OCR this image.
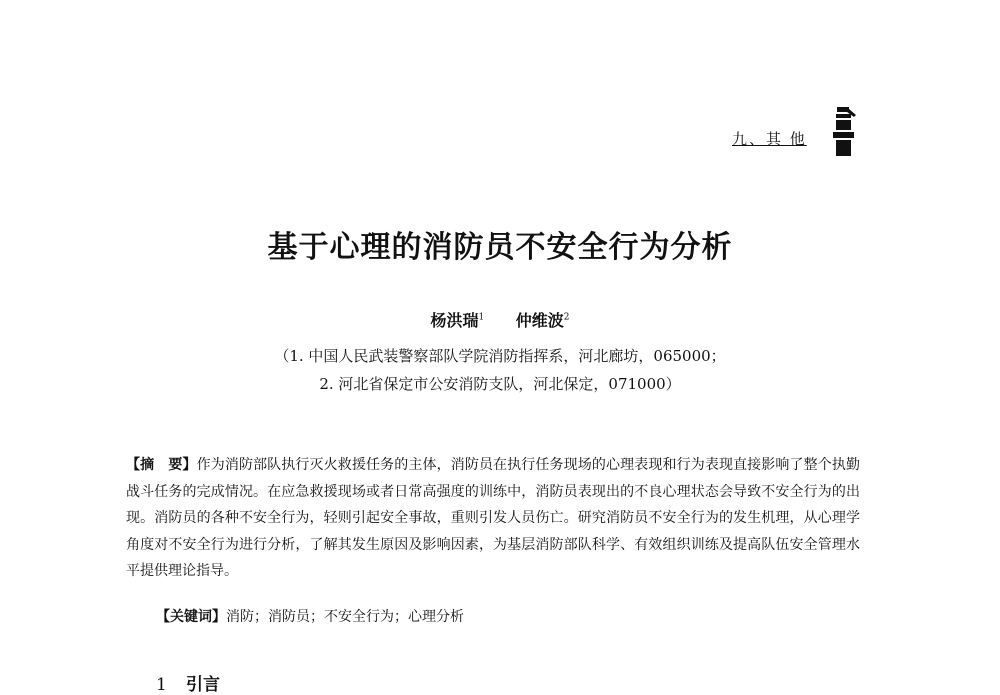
九、其 他
基于心理的消防员不安全行为分析
杨洪瑞$^1$ 仲维波$^2$
（1. 中国人民武装警察部队学院消防指挥系，河北廊坊，065000；
2. 河北省保定市公安消防支队，河北保定，071000）

【摘　要】作为消防部队执行灭火救援任务的主体，消防员在执行任务现场的心理表现和行为表现直接影响了整个执勤战斗任务的完成情况。在应急救援现场或者日常高强度的训练中，消防员表现出的不良心理状态会导致不安全行为的出现。消防员的各种不安全行为，轻则引起安全事故，重则引发人员伤亡。研究消防员不安全行为的发生机理，从心理学角度对不安全行为进行分析，了解其发生原因及影响因素，为基层消防部队科学、有效组织训练及提高队伍安全管理水平提供理论指导。

【关键词】消防；消防员；不安全行为；心理分析
1 引言
